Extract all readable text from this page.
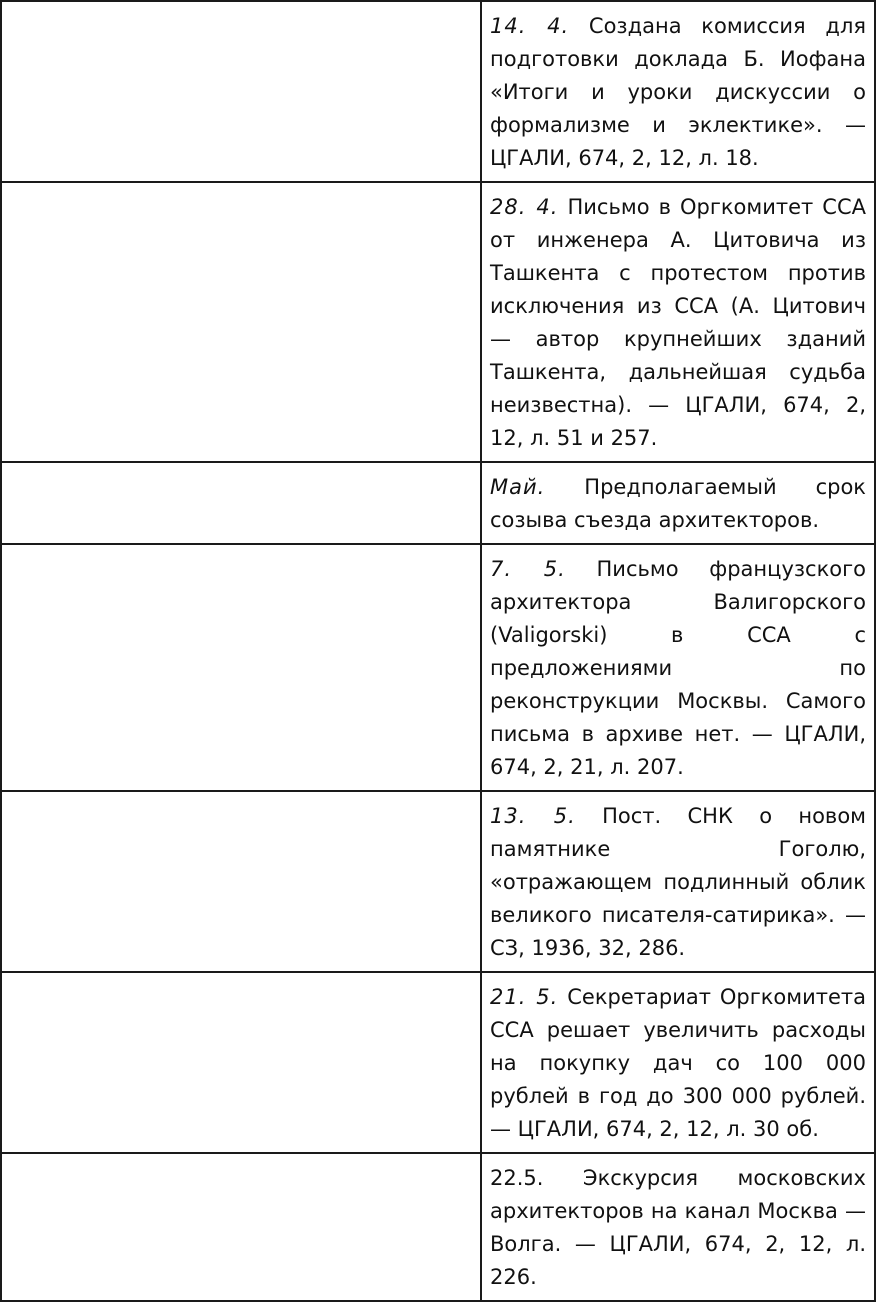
	14. 4. Создана комиссия для подготовки доклада Б. Иофана «Итоги и уроки дискуссии о формализме и эклектике». — ЦГАЛИ, 674, 2, 12, л. 18.
	28. 4. Письмо в Оргкомитет ССА от инженера А. Цитовича из Ташкента с протестом против исключения из ССА (А. Цитович — автор крупнейших зданий Ташкента, дальнейшая судьба неизвестна). — ЦГАЛИ, 674, 2, 12, л. 51 и 257.
	Май. Предполагаемый срок созыва съезда архитекторов.
	7. 5. Письмо французского архитектора Валигорского (Valigorski) в ССА с предложениями по реконструкции Москвы. Самого письма в архиве нет. — ЦГАЛИ, 674, 2, 21, л. 207.
	13. 5. Пост. СНК о новом памятнике Гоголю, «отражающем подлинный облик великого писателя-сатирика». — СЗ, 1936, 32, 286.
	21. 5. Секретариат Оргкомитета ССА решает увеличить расходы на покупку дач со 100 000 рублей в год до 300 000 рублей. — ЦГАЛИ, 674, 2, 12, л. 30 об.
	22.5. Экскурсия московских архитекторов на канал Москва — Волга. — ЦГАЛИ, 674, 2, 12, л. 226.
